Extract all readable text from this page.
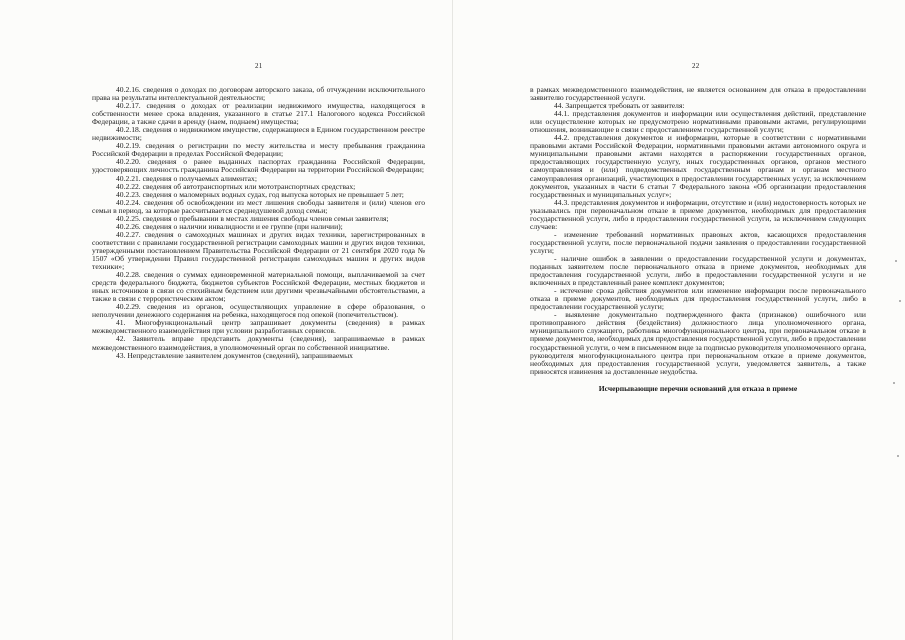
21

40.2.16. сведения о доходах по договорам авторского заказа, об отчуждении исключительного права на результаты интеллектуальной деятельности;

40.2.17. сведения о доходах от реализации недвижимого имущества, находящегося в собственности менее срока владения, указанного в статье 217.1 Налогового кодекса Российской Федерации, а также сдачи в аренду (наем, поднаем) имущества;

40.2.18. сведения о недвижимом имуществе, содержащиеся в Едином государственном реестре недвижимости;

40.2.19. сведения о регистрации по месту жительства и месту пребывания гражданина Российской Федерации в пределах Российской Федерации;

40.2.20. сведения о ранее выданных паспортах гражданина Российской Федерации, удостоверяющих личность гражданина Российской Федерации на территории Российской Федерации;

40.2.21. сведения о получаемых алиментах;

40.2.22. сведения об автотранспортных или мототранспортных средствах;

40.2.23. сведения о маломерных водных судах, год выпуска которых не превышает 5 лет;

40.2.24. сведения об освобождении из мест лишения свободы заявителя и (или) членов его семьи в период, за которые рассчитывается среднедушевой доход семьи;

40.2.25. сведения о пребывании в местах лишения свободы членов семьи заявителя;

40.2.26. сведения о наличии инвалидности и ее группе (при наличии);

40.2.27. сведения о самоходных машинах и других видах техники, зарегистрированных в соответствии с правилами государственной регистрации самоходных машин и других видов техники, утвержденными постановлением Правительства Российской Федерации от 21 сентября 2020 года № 1507 «Об утверждении Правил государственной регистрации самоходных машин и других видов техники»;

40.2.28. сведения о суммах единовременной материальной помощи, выплачиваемой за счет средств федерального бюджета, бюджетов субъектов Российской Федерации, местных бюджетов и иных источников в связи со стихийным бедствием или другими чрезвычайными обстоятельствами, а также в связи с террористическим актом;

40.2.29. сведения из органов, осуществляющих управление в сфере образования, о неполучении денежного содержания на ребенка, находящегося под опекой (попечительством).

41. Многофункциональный центр запрашивает документы (сведения) в рамках межведомственного взаимодействия при условии разработанных сервисов.

42. Заявитель вправе представить документы (сведения), запрашиваемые в рамках межведомственного взаимодействия, в уполномоченный орган по собственной инициативе.

43. Непредставление заявителем документов (сведений), запрашиваемых

22

в рамках межведомственного взаимодействия, не является основанием для отказа в предоставлении заявителю государственной услуги.

44. Запрещается требовать от заявителя:

44.1. представления документов и информации или осуществления действий, представление или осуществление которых не предусмотрено нормативными правовыми актами, регулирующими отношения, возникающие в связи с предоставлением государственной услуги;

44.2. представления документов и информации, которые в соответствии с нормативными правовыми актами Российской Федерации, нормативными правовыми актами автономного округа и муниципальными правовыми актами находятся в распоряжении государственных органов, предоставляющих государственную услугу, иных государственных органов, органов местного самоуправления и (или) подведомственных государственным органам и органам местного самоуправления организаций, участвующих в предоставлении государственных услуг, за исключением документов, указанных в части 6 статьи 7 Федерального закона «Об организации предоставления государственных и муниципальных услуг»;

44.3. представления документов и информации, отсутствие и (или) недостоверность которых не указывались при первоначальном отказе в приеме документов, необходимых для предоставления государственной услуги, либо в предоставлении государственной услуги, за исключением следующих случаев:

- изменение требований нормативных правовых актов, касающихся предоставления государственной услуги, после первоначальной подачи заявления о предоставлении государственной услуги;

- наличие ошибок в заявлении о предоставлении государственной услуги и документах, поданных заявителем после первоначального отказа в приеме документов, необходимых для предоставления государственной услуги, либо в предоставлении государственной услуги и не включенных в представленный ранее комплект документов;

- истечение срока действия документов или изменение информации после первоначального отказа в приеме документов, необходимых для предоставления государственной услуги, либо в предоставлении государственной услуги;

- выявление документально подтвержденного факта (признаков) ошибочного или противоправного действия (бездействия) должностного лица уполномоченного органа, муниципального служащего, работника многофункционального центра, при первоначальном отказе в приеме документов, необходимых для предоставления государственной услуги, либо в предоставлении государственной услуги, о чем в письменном виде за подписью руководителя уполномоченного органа, руководителя многофункционального центра при первоначальном отказе в приеме документов, необходимых для предоставления государственной услуги, уведомляется заявитель, а также приносятся извинения за доставленные неудобства.

Исчерпывающие перечни оснований для отказа в приеме
